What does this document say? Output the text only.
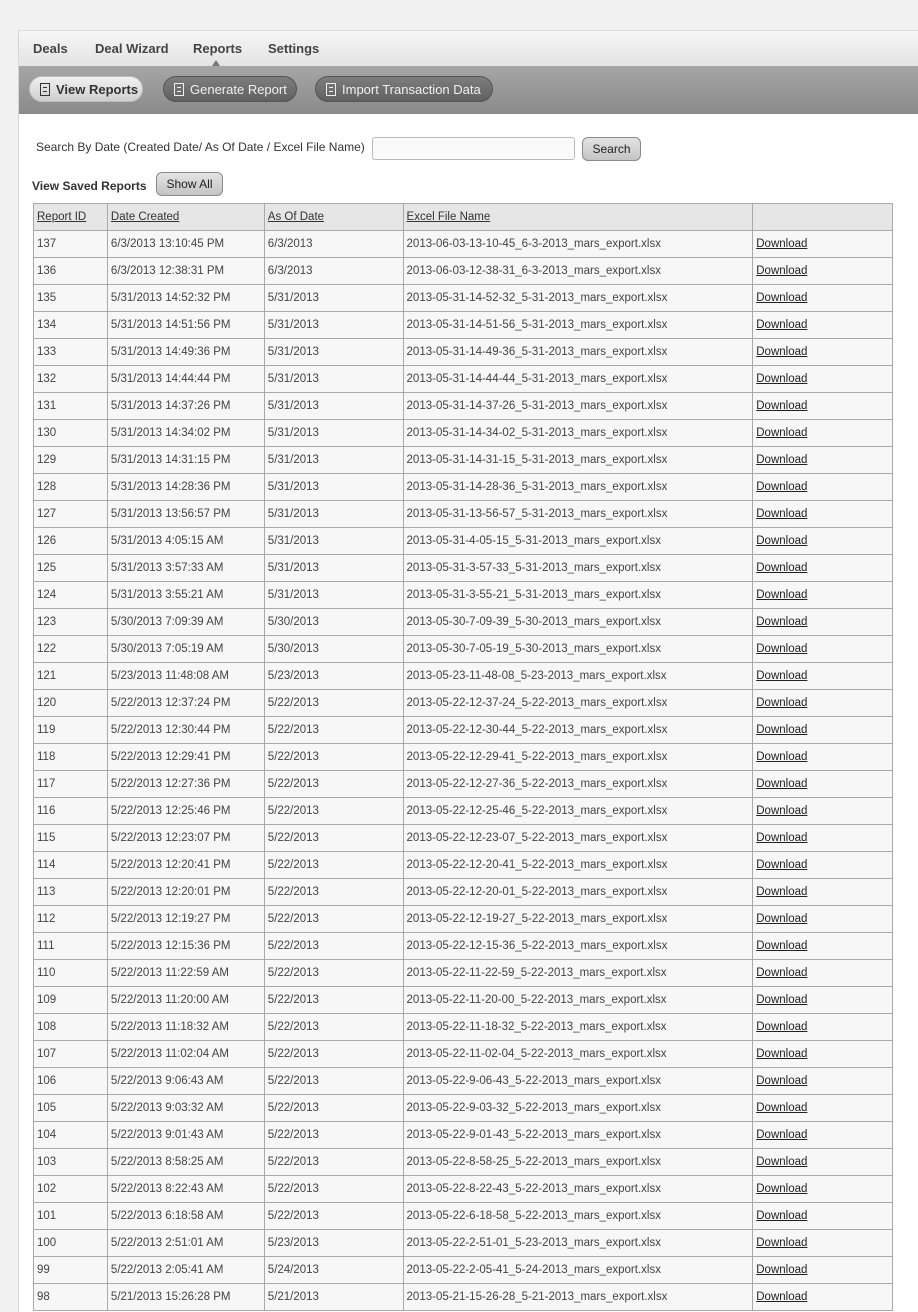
Deals Deal Wizard Reports Settings
View Reports	Generate Report	Import Transaction Data
Search By Date (Created Date/ As Of Date / Excel File Name)	Search
View Saved Reports	Show All
Report ID	Date Created	As Of Date	Excel File Name	
137	6/3/2013 13:10:45 PM	6/3/2013	2013-06-03-13-10-45_6-3-2013_mars_export.xlsx	Download
136	6/3/2013 12:38:31 PM	6/3/2013	2013-06-03-12-38-31_6-3-2013_mars_export.xlsx	Download
135	5/31/2013 14:52:32 PM	5/31/2013	2013-05-31-14-52-32_5-31-2013_mars_export.xlsx	Download
134	5/31/2013 14:51:56 PM	5/31/2013	2013-05-31-14-51-56_5-31-2013_mars_export.xlsx	Download
133	5/31/2013 14:49:36 PM	5/31/2013	2013-05-31-14-49-36_5-31-2013_mars_export.xlsx	Download
132	5/31/2013 14:44:44 PM	5/31/2013	2013-05-31-14-44-44_5-31-2013_mars_export.xlsx	Download
131	5/31/2013 14:37:26 PM	5/31/2013	2013-05-31-14-37-26_5-31-2013_mars_export.xlsx	Download
130	5/31/2013 14:34:02 PM	5/31/2013	2013-05-31-14-34-02_5-31-2013_mars_export.xlsx	Download
129	5/31/2013 14:31:15 PM	5/31/2013	2013-05-31-14-31-15_5-31-2013_mars_export.xlsx	Download
128	5/31/2013 14:28:36 PM	5/31/2013	2013-05-31-14-28-36_5-31-2013_mars_export.xlsx	Download
127	5/31/2013 13:56:57 PM	5/31/2013	2013-05-31-13-56-57_5-31-2013_mars_export.xlsx	Download
126	5/31/2013 4:05:15 AM	5/31/2013	2013-05-31-4-05-15_5-31-2013_mars_export.xlsx	Download
125	5/31/2013 3:57:33 AM	5/31/2013	2013-05-31-3-57-33_5-31-2013_mars_export.xlsx	Download
124	5/31/2013 3:55:21 AM	5/31/2013	2013-05-31-3-55-21_5-31-2013_mars_export.xlsx	Download
123	5/30/2013 7:09:39 AM	5/30/2013	2013-05-30-7-09-39_5-30-2013_mars_export.xlsx	Download
122	5/30/2013 7:05:19 AM	5/30/2013	2013-05-30-7-05-19_5-30-2013_mars_export.xlsx	Download
121	5/23/2013 11:48:08 AM	5/23/2013	2013-05-23-11-48-08_5-23-2013_mars_export.xlsx	Download
120	5/22/2013 12:37:24 PM	5/22/2013	2013-05-22-12-37-24_5-22-2013_mars_export.xlsx	Download
119	5/22/2013 12:30:44 PM	5/22/2013	2013-05-22-12-30-44_5-22-2013_mars_export.xlsx	Download
118	5/22/2013 12:29:41 PM	5/22/2013	2013-05-22-12-29-41_5-22-2013_mars_export.xlsx	Download
117	5/22/2013 12:27:36 PM	5/22/2013	2013-05-22-12-27-36_5-22-2013_mars_export.xlsx	Download
116	5/22/2013 12:25:46 PM	5/22/2013	2013-05-22-12-25-46_5-22-2013_mars_export.xlsx	Download
115	5/22/2013 12:23:07 PM	5/22/2013	2013-05-22-12-23-07_5-22-2013_mars_export.xlsx	Download
114	5/22/2013 12:20:41 PM	5/22/2013	2013-05-22-12-20-41_5-22-2013_mars_export.xlsx	Download
113	5/22/2013 12:20:01 PM	5/22/2013	2013-05-22-12-20-01_5-22-2013_mars_export.xlsx	Download
112	5/22/2013 12:19:27 PM	5/22/2013	2013-05-22-12-19-27_5-22-2013_mars_export.xlsx	Download
111	5/22/2013 12:15:36 PM	5/22/2013	2013-05-22-12-15-36_5-22-2013_mars_export.xlsx	Download
110	5/22/2013 11:22:59 AM	5/22/2013	2013-05-22-11-22-59_5-22-2013_mars_export.xlsx	Download
109	5/22/2013 11:20:00 AM	5/22/2013	2013-05-22-11-20-00_5-22-2013_mars_export.xlsx	Download
108	5/22/2013 11:18:32 AM	5/22/2013	2013-05-22-11-18-32_5-22-2013_mars_export.xlsx	Download
107	5/22/2013 11:02:04 AM	5/22/2013	2013-05-22-11-02-04_5-22-2013_mars_export.xlsx	Download
106	5/22/2013 9:06:43 AM	5/22/2013	2013-05-22-9-06-43_5-22-2013_mars_export.xlsx	Download
105	5/22/2013 9:03:32 AM	5/22/2013	2013-05-22-9-03-32_5-22-2013_mars_export.xlsx	Download
104	5/22/2013 9:01:43 AM	5/22/2013	2013-05-22-9-01-43_5-22-2013_mars_export.xlsx	Download
103	5/22/2013 8:58:25 AM	5/22/2013	2013-05-22-8-58-25_5-22-2013_mars_export.xlsx	Download
102	5/22/2013 8:22:43 AM	5/22/2013	2013-05-22-8-22-43_5-22-2013_mars_export.xlsx	Download
101	5/22/2013 6:18:58 AM	5/22/2013	2013-05-22-6-18-58_5-22-2013_mars_export.xlsx	Download
100	5/22/2013 2:51:01 AM	5/23/2013	2013-05-22-2-51-01_5-23-2013_mars_export.xlsx	Download
99	5/22/2013 2:05:41 AM	5/24/2013	2013-05-22-2-05-41_5-24-2013_mars_export.xlsx	Download
98	5/21/2013 15:26:28 PM	5/21/2013	2013-05-21-15-26-28_5-21-2013_mars_export.xlsx	Download
